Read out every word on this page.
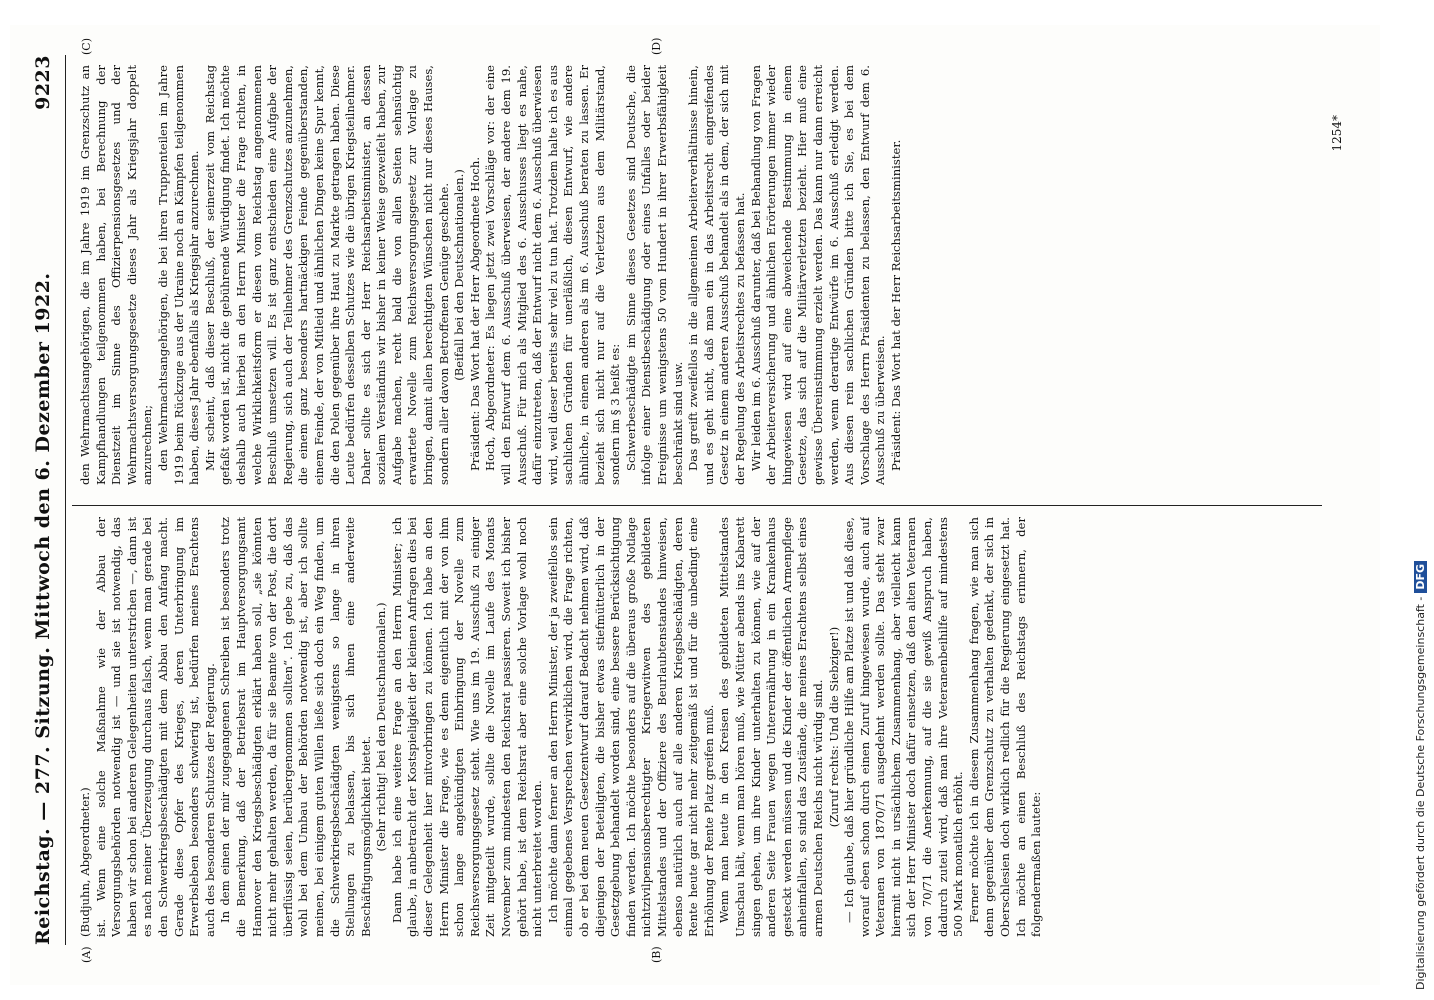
Reichstag. — 277. Sitzung. Mittwoch den 6. Dezember 1922.
9223
(A)	(B)
(C)	(D)

(Budjuhn, Abgeordneter.) ist. Wenn eine solche Maßnahme wie der Abbau der Versorgungsbehörden notwendig ist — und sie ist notwendig, das haben wir schon bei anderen Gelegenheiten unterstrichen —, dann ist es nach meiner Überzeugung durchaus falsch, wenn man gerade bei den Schwerkriegsbeschädigten mit dem Abbau den Anfang macht. Gerade diese Opfer des Krieges, deren Unterbringung im Erwerbsleben besonders schwierig ist, bedürfen meines Erachtens auch des besonderen Schutzes der Regierung. In dem einen der mir zugegangenen Schreiben ist besonders trotz die Bemerkung, daß der Betriebsrat im Hauptversorgungsamt Hannover den Kriegsbeschädigten erklärt haben soll, „sie könnten nicht mehr gehalten werden, da für sie Beamte von der Post, die dort überflüssig seien, herübergenommen sollten“. Ich gebe zu, daß das wohl bei dem Umbau der Behörden notwendig ist, aber ich sollte meinen, bei einigem guten Willen ließe sich doch ein Weg finden, um die Schwerkriegsbeschädigten wenigstens so lange in ihren Stellungen zu belassen, bis sich ihnen eine anderweite Beschäftigungsmöglichkeit bietet. (Sehr richtig! bei den Deutschnationalen.) Dann habe ich eine weitere Frage an den Herrn Minister; ich glaube, in anbetracht der Kostspieligkeit der kleinen Anfragen dies bei dieser Gelegenheit hier mitvorbringen zu können. Ich habe an den Herrn Minister die Frage, wie es denn eigentlich mit der von ihm schon lange angekündigten Einbringung der Novelle zum Reichsversorgungsgesetz steht. Wie uns im 19. Ausschuß zu einiger Zeit mitgeteilt wurde, sollte die Novelle im Laufe des Monats November zum mindesten den Reichsrat passieren. Soweit ich bisher gehört habe, ist dem Reichsrat aber eine solche Vorlage wohl noch nicht unterbreitet worden. Ich möchte dann ferner an den Herrn Minister, der ja zweifellos sein einmal gegebenes Versprechen verwirklichen wird, die Frage richten, ob er bei dem neuen Gesetzentwurf darauf Bedacht nehmen wird, daß diejenigen der Beteiligten, die bisher etwas stiefmütterlich in der Gesetzgebung behandelt worden sind, eine bessere Berücksichtigung finden werden. Ich möchte besonders auf die überaus große Notlage nichtzivilpensionsberechtigter Kriegerwitwen des gebildeten Mittelstandes und der Offiziere des Beurlaubtenstandes hinweisen, ebenso natürlich auch auf alle anderen Kriegsbeschädigten, deren Rente heute gar nicht mehr zeitgemäß ist und für die unbedingt eine Erhöhung der Rente Platz greifen muß. Wenn man heute in den Kreisen des gebildeten Mittelstandes Umschau hält, wenn man hören muß, wie Mütter abends ins Kabarett singen gehen, um ihre Kinder unterhalten zu können, wie auf der anderen Seite Frauen wegen Unterernährung in ein Krankenhaus gesteckt werden müssen und die Kinder der öffentlichen Armenpflege anheimfallen, so sind das Zustände, die meines Erachtens selbst eines armen Deutschen Reichs nicht würdig sind. (Zuruf rechts: Und die Siebziger!) — Ich glaube, daß hier gründliche Hilfe am Platze ist und daß diese, worauf eben schon durch einen Zuruf hingewiesen wurde, auch auf Veteranen von 1870/71 ausgedehnt werden sollte. Das steht zwar hiermit nicht in ursächlichem Zusammenhang, aber vielleicht kann sich der Herr Minister doch dafür einsetzen, daß den alten Veteranen von 70/71 die Anerkennung, auf die sie gewiß Anspruch haben, dadurch zuteil wird, daß man ihre Veteranenbeihilfe auf mindestens 500 Mark monatlich erhöht. Ferner möchte ich in diesem Zusammenhang fragen, wie man sich denn gegenüber dem Grenzschutz zu verhalten gedenkt, der sich in Oberschlesien doch wirklich redlich für die Regierung eingesetzt hat. Ich möchte an einen Beschluß des Reichstags erinnern, der folgendermaßen lautete:

den Wehrmachtsangehörigen, die im Jahre 1919 im Grenzschutz an Kampfhandlungen teilgenommen haben, bei Berechnung der Dienstzeit im Sinne des Offizierpensionsgesetzes und der Wehrmachtsversorgungsgesetze dieses Jahr als Kriegsjahr doppelt anzurechnen; den Wehrmachtsangehörigen, die bei ihren Truppenteilen im Jahre 1919 beim Rückzuge aus der Ukraine noch an Kämpfen teilgenommen haben, dieses Jahr ebenfalls als Kriegsjahr anzurechnen. Mir scheint, daß dieser Beschluß, der seinerzeit vom Reichstag gefaßt worden ist, nicht die gebührende Würdigung findet. Ich möchte deshalb auch hierbei an den Herrn Minister die Frage richten, in welche Wirklichkeitsform er diesen vom Reichstag angenommenen Beschluß umsetzen will. Es ist ganz entschieden eine Aufgabe der Regierung, sich auch der Teilnehmer des Grenzschutzes anzunehmen, die einem ganz besonders hartnäckigen Feinde gegenüberstanden, einem Feinde, der von Mitleid und ähnlichen Dingen keine Spur kennt, die den Polen gegenüber ihre Haut zu Markte getragen haben. Diese Leute bedürfen desselben Schutzes wie die übrigen Kriegsteilnehmer. Daher sollte es sich der Herr Reichsarbeitsminister, an dessen sozialem Verständnis wir bisher in keiner Weise gezweifelt haben, zur Aufgabe machen, recht bald die von allen Seiten sehnsüchtig erwartete Novelle zum Reichsversorgungsgesetz zur Vorlage zu bringen, damit allen berechtigten Wünschen nicht nur dieses Hauses, sondern aller davon Betroffenen Genüge geschehe. (Beifall bei den Deutschnationalen.) Präsident: Das Wort hat der Herr Abgeordnete Hoch. Hoch, Abgeordneter: Es liegen jetzt zwei Vorschläge vor: der eine will den Entwurf dem 6. Ausschuß überweisen, der andere dem 19. Ausschuß. Für mich als Mitglied des 6. Ausschusses liegt es nahe, dafür einzutreten, daß der Entwurf nicht dem 6. Ausschuß überwiesen wird, weil dieser bereits sehr viel zu tun hat. Trotzdem halte ich es aus sachlichen Gründen für unerläßlich, diesen Entwurf, wie andere ähnliche, in einem anderen als im 6. Ausschuß beraten zu lassen. Er bezieht sich nicht nur auf die Verletzten aus dem Militärstand, sondern im § 3 heißt es: Schwerbeschädigte im Sinne dieses Gesetzes sind Deutsche, die infolge einer Dienstbeschädigung oder eines Unfalles oder beider Ereignisse um wenigstens 50 vom Hundert in ihrer Erwerbsfähigkeit beschränkt sind usw. Das greift zweifellos in die allgemeinen Arbeiterverhältnisse hinein, und es geht nicht, daß man ein in das Arbeitsrecht eingreifendes Gesetz in einem anderen Ausschuß behandelt als in dem, der sich mit der Regelung des Arbeitsrechtes zu befassen hat. Wir leiden im 6. Ausschuß darunter, daß bei Behandlung von Fragen der Arbeiterversicherung und ähnlichen Erörterungen immer wieder hingewiesen wird auf eine abweichende Bestimmung in einem Gesetze, das sich auf die Militärverletzten bezieht. Hier muß eine gewisse Übereinstimmung erzielt werden. Das kann nur dann erreicht werden, wenn derartige Entwürfe im 6. Ausschuß erledigt werden. Aus diesen rein sachlichen Gründen bitte ich Sie, es bei dem Vorschlage des Herrn Präsidenten zu belassen, den Entwurf dem 6. Ausschuß zu überweisen. Präsident: Das Wort hat der Herr Reichsarbeitsminister.

1254*
Digitalisierung gefördert durch die Deutsche Forschungsgemeinschaft -DFG
